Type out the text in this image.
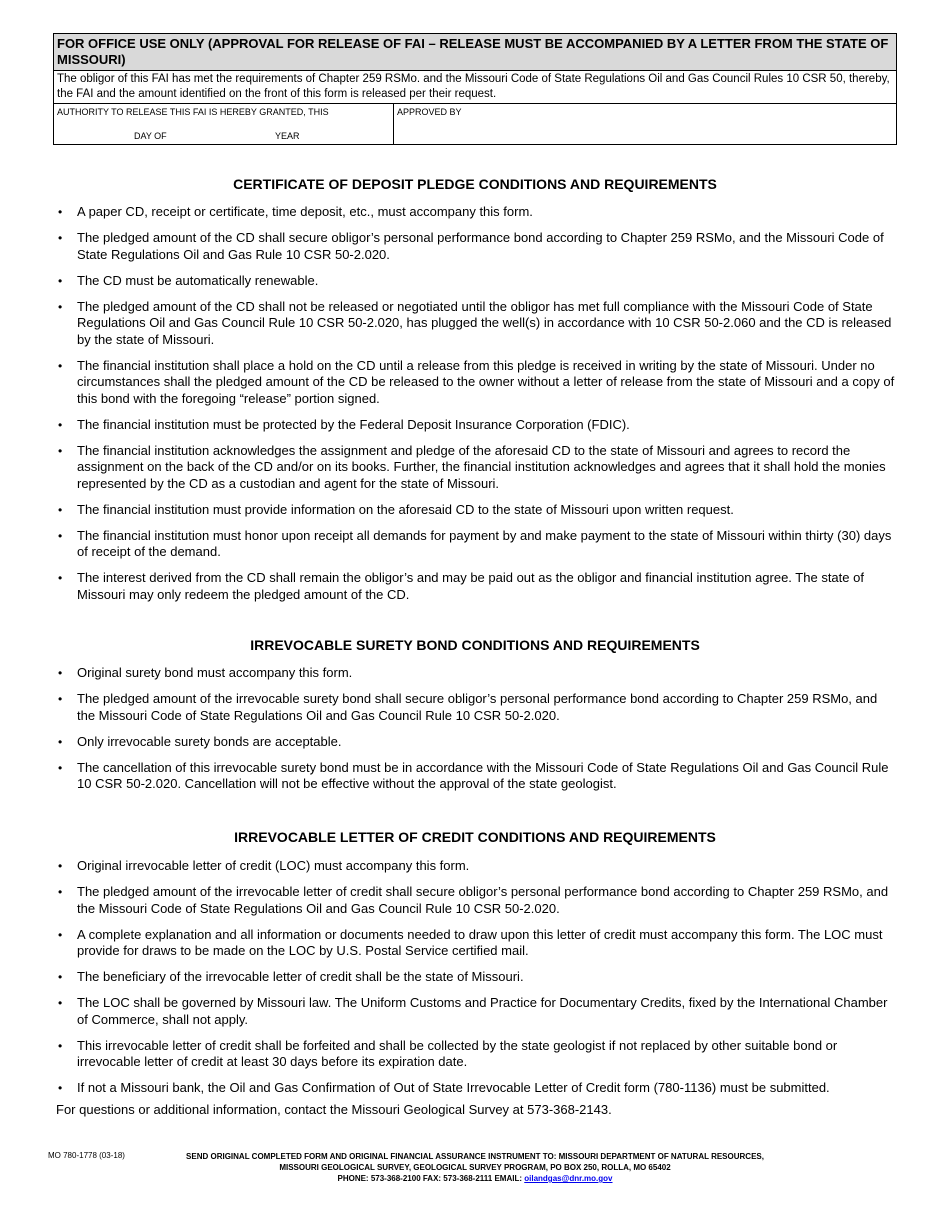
FOR OFFICE USE ONLY (APPROVAL FOR RELEASE OF FAI – RELEASE MUST BE ACCOMPANIED BY A LETTER FROM THE STATE OF MISSOURI)
The obligor of this FAI has met the requirements of Chapter 259 RSMo. and the Missouri Code of State Regulations Oil and Gas Council Rules 10 CSR 50, thereby, the FAI and the amount identified on the front of this form is released per their request.
AUTHORITY TO RELEASE THIS FAI IS HEREBY GRANTED, THIS
DAY OF	YEAR
APPROVED BY
CERTIFICATE OF DEPOSIT PLEDGE CONDITIONS AND REQUIREMENTS
•	A paper CD, receipt or certificate, time deposit, etc., must accompany this form.
•	The pledged amount of the CD shall secure obligor’s personal performance bond according to Chapter 259 RSMo, and the Missouri Code of State Regulations Oil and Gas Rule 10 CSR 50-2.020.
•	The CD must be automatically renewable.
•	The pledged amount of the CD shall not be released or negotiated until the obligor has met full compliance with the Missouri Code of State Regulations Oil and Gas Council Rule 10 CSR 50-2.020, has plugged the well(s) in accordance with 10 CSR 50-2.060 and the CD is released by the state of Missouri.
•	The financial institution shall place a hold on the CD until a release from this pledge is received in writing by the state of Missouri. Under no circumstances shall the pledged amount of the CD be released to the owner without a letter of release from the state of Missouri and a copy of this bond with the foregoing “release” portion signed.
•	The financial institution must be protected by the Federal Deposit Insurance Corporation (FDIC).
•	The financial institution acknowledges the assignment and pledge of the aforesaid CD to the state of Missouri and agrees to record the assignment on the back of the CD and/or on its books. Further, the financial institution acknowledges and agrees that it shall hold the monies represented by the CD as a custodian and agent for the state of Missouri.
•	The financial institution must provide information on the aforesaid CD to the state of Missouri upon written request.
•	The financial institution must honor upon receipt all demands for payment by and make payment to the state of Missouri within thirty (30) days of receipt of the demand.
•	The interest derived from the CD shall remain the obligor’s and may be paid out as the obligor and financial institution agree. The state of Missouri may only redeem the pledged amount of the CD.
IRREVOCABLE SURETY BOND CONDITIONS AND REQUIREMENTS
•	Original surety bond must accompany this form.
•	The pledged amount of the irrevocable surety bond shall secure obligor’s personal performance bond according to Chapter 259 RSMo, and the Missouri Code of State Regulations Oil and Gas Council Rule 10 CSR 50-2.020.
•	Only irrevocable surety bonds are acceptable.
•	The cancellation of this irrevocable surety bond must be in accordance with the Missouri Code of State Regulations Oil and Gas Council Rule 10 CSR 50-2.020. Cancellation will not be effective without the approval of the state geologist.
IRREVOCABLE LETTER OF CREDIT CONDITIONS AND REQUIREMENTS
•	Original irrevocable letter of credit (LOC) must accompany this form.
•	The pledged amount of the irrevocable letter of credit shall secure obligor’s personal performance bond according to Chapter 259 RSMo, and the Missouri Code of State Regulations Oil and Gas Council Rule 10 CSR 50-2.020.
•	A complete explanation and all information or documents needed to draw upon this letter of credit must accompany this form. The LOC must provide for draws to be made on the LOC by U.S. Postal Service certified mail.
•	The beneficiary of the irrevocable letter of credit shall be the state of Missouri.
•	The LOC shall be governed by Missouri law. The Uniform Customs and Practice for Documentary Credits, fixed by the International Chamber of Commerce, shall not apply.
•	This irrevocable letter of credit shall be forfeited and shall be collected by the state geologist if not replaced by other suitable bond or irrevocable letter of credit at least 30 days before its expiration date.
•	If not a Missouri bank, the Oil and Gas Confirmation of Out of State Irrevocable Letter of Credit form (780-1136) must be submitted.
For questions or additional information, contact the Missouri Geological Survey at 573-368-2143.
MO 780-1778 (03-18)	SEND ORIGINAL COMPLETED FORM AND ORIGINAL FINANCIAL ASSURANCE INSTRUMENT TO: MISSOURI DEPARTMENT OF NATURAL RESOURCES,
MISSOURI GEOLOGICAL SURVEY, GEOLOGICAL SURVEY PROGRAM, PO BOX 250, ROLLA, MO 65402
PHONE: 573-368-2100 FAX: 573-368-2111 EMAIL: oilandgas@dnr.mo.gov
